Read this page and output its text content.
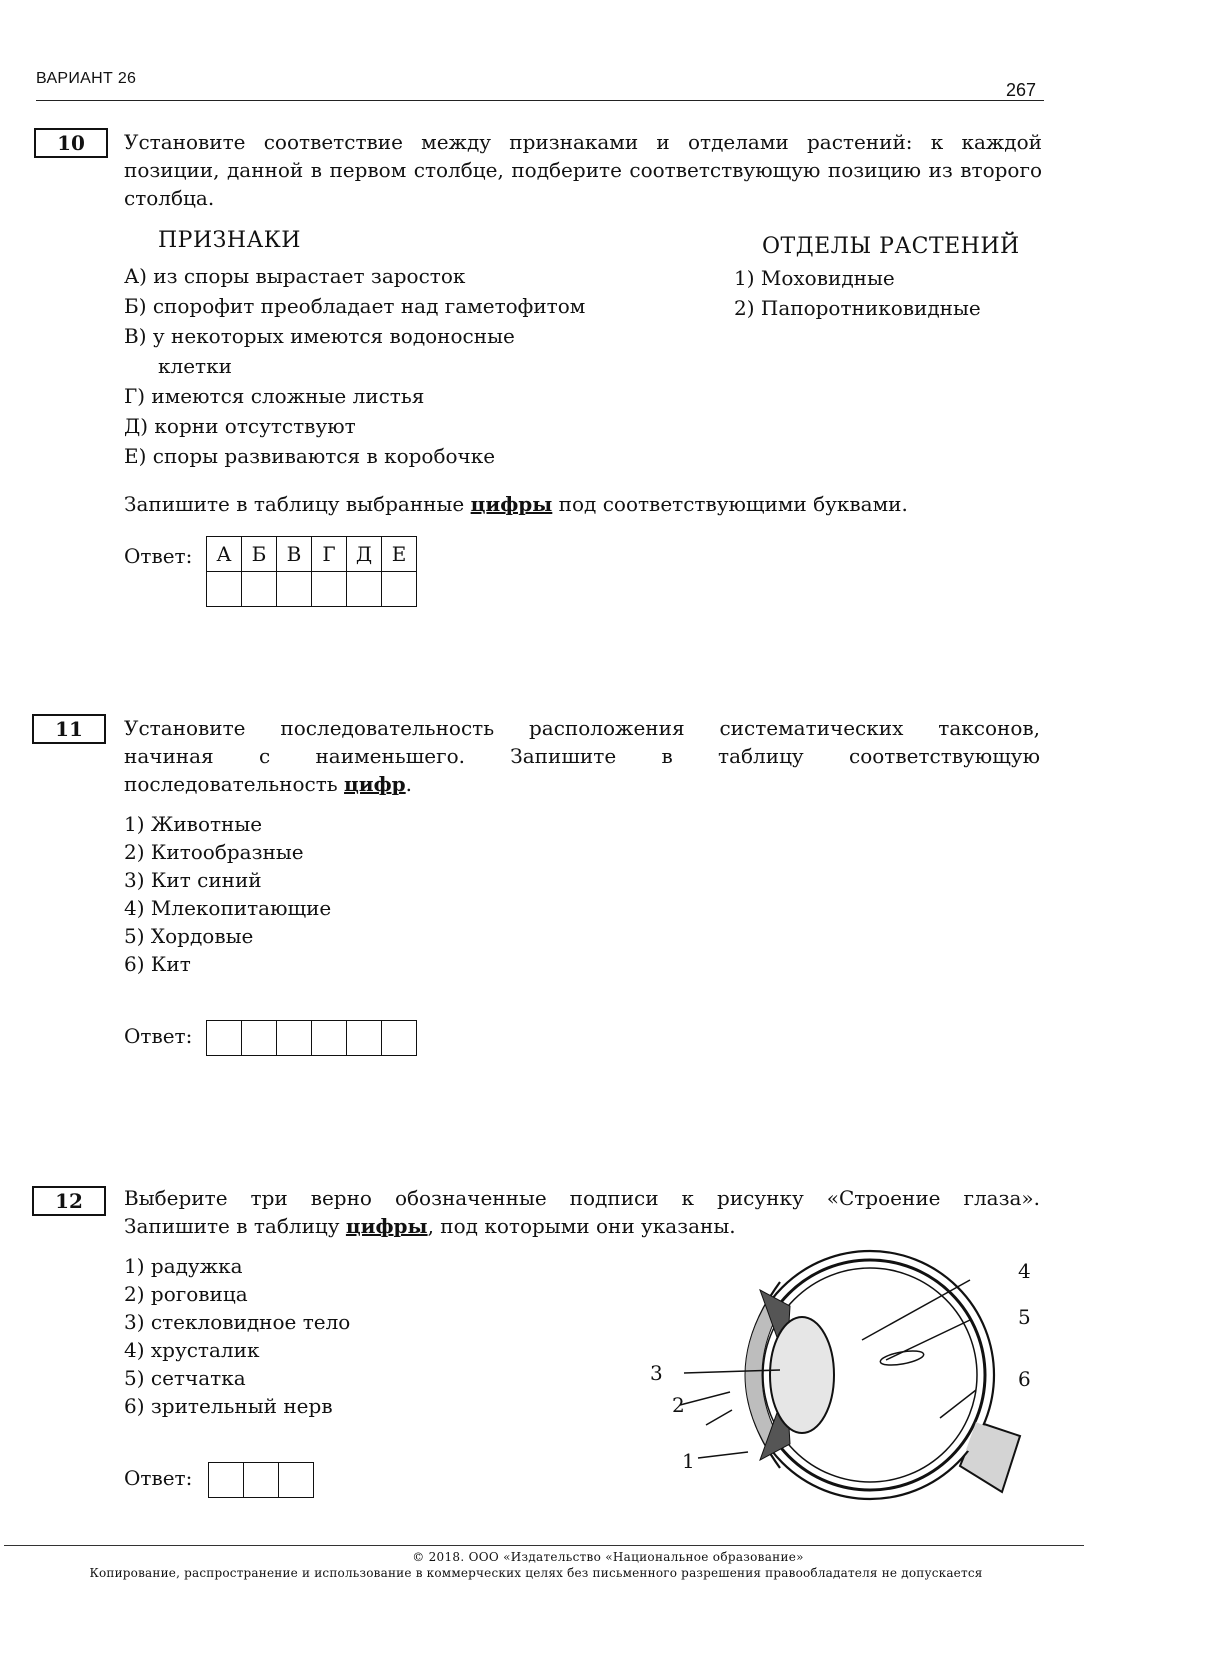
ВАРИАНТ 26
267
10	Установите соответствие между признаками и отделами растений: к каждой позиции, данной в первом столбце, подберите соответствующую позицию из второго столбца.
ПРИЗНАКИ	ОТДЕЛЫ РАСТЕНИЙ
А) из споры вырастает заросток
Б) спорофит преобладает над гаметофитом
В) у некоторых имеются водоносные
клетки
Г) имеются сложные листья
Д) корни отсутствуют
Е) споры развиваются в коробочке
1) Моховидные
2) Папоротниковидные
Запишите в таблицу выбранные цифры под соответствующими буквами.
Ответ: А	Б	В	Г	Д	Е

11	Установите последовательность расположения систематических таксонов,
начиная с наименьшего. Запишите в таблицу соответствующую
последовательность цифр.
1) Животные
2) Китообразные
3) Кит синий
4) Млекопитающие
5) Хордовые
6) Кит
Ответ:

12	Выберите три верно обозначенные подписи к рисунку «Строение глаза».
Запишите в таблицу цифры, под которыми они указаны.
1) радужка
2) роговица
3) стекловидное тело
4) хрусталик
5) сетчатка
6) зрительный нерв
Ответ:

1
2
3
4
5
6
© 2018. ООО «Издательство «Национальное образование»
Копирование, распространение и использование в коммерческих целях без письменного разрешения правообладателя не допускается
